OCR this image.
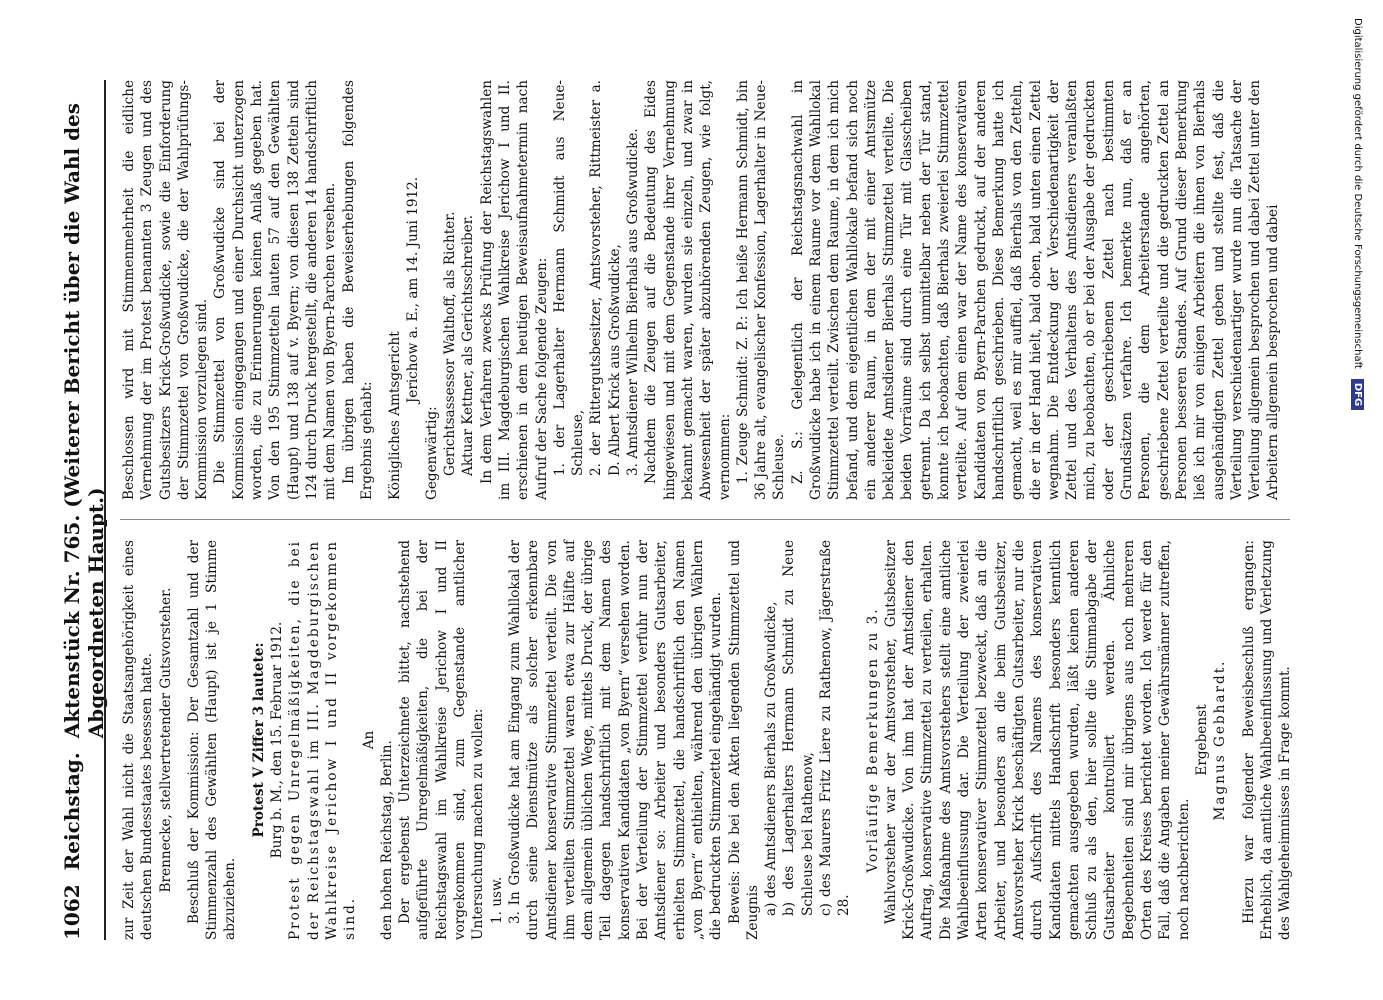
1062
Reichstag.
Aktenstück Nr. 765. (Weiterer Bericht über die Wahl des Abgeordneten Haupt.) zur Zeit der Wahl nicht die Staatsangehörigkeit eines deutschen Bundesstaates besessen hatte. Brennecke, stellvertretender Gutsvorsteher. Beschluß der Kommission: Der Gesamtzahl und der Stimmenzahl des Gewählten (Haupt) ist je 1 Stimme abzuziehen.

Protest V Ziffer 3 lautete: Burg b. M., den 15. Februar 1912. Protest gegen Unregelmäßigkeiten, die bei der Reichstagswahl im III. Magdeburgischen Wahlkreise Jerichow I und II vorgekommen sind.

An

den hohen Reichstag, Berlin. Der ergebenst Unterzeichnete bittet, nachstehend aufgeführte Unregelmäßigkeiten, die bei der Reichstagswahl im Wahlkreise Jerichow I und II vorgekommen sind, zum Gegenstande amtlicher Untersuchung machen zu wollen: 1. usw. 3. In Großwudicke hat am Eingang zum Wahllokal der durch seine Dienstmütze als solcher erkennbare Amtsdiener konservative Stimmzettel verteilt. Die von ihm verteilten Stimmzettel waren etwa zur Hälfte auf dem allgemein üblichen Wege, mittels Druck, der übrige Teil dagegen handschriftlich mit dem Namen des konservativen Kandidaten „von Byern“ versehen worden. Bei der Verteilung der Stimmzettel verfuhr nun der Amtsdiener so: Arbeiter und besonders Gutsarbeiter, erhielten Stimmzettel, die handschriftlich den Namen „von Byern“ enthielten, während den übrigen Wählern die bedruckten Stimmzettel eingehändigt wurden. Beweis: Die bei den Akten liegenden Stimmzettel und Zeugnis a) des Amtsdieners Bierhals zu Großwudicke, b) des Lagerhalters Hermann Schmidt zu Neue Schleuse bei Rathenow, c) des Maurers Fritz Liere zu Rathenow, Jägerstraße 28.

Vorläufige Bemerkungen zu 3. Wahlvorsteher war der Amtsvorsteher, Gutsbesitzer Krick-Großwudicke. Von ihm hat der Amtsdiener den Auftrag, konservative Stimmzettel zu verteilen, erhalten. Die Maßnahme des Amtsvorstehers stellt eine amtliche Wahlbeeinflussung dar. Die Verteilung der zweierlei Arten konservativer Stimmzettel bezweckt, daß an die Arbeiter, und besonders an die beim Gutsbesitzer, Amtsvorsteher Krick beschäftigten Gutsarbeiter, nur die durch Aufschrift des Namens des konservativen Kandidaten mittels Handschrift besonders kenntlich gemachten ausgegeben wurden, läßt keinen anderen Schluß zu als den, hier sollte die Stimmabgabe der Gutsarbeiter kontrolliert werden. Ähnliche Begebenheiten sind mir übrigens aus noch mehreren Orten des Kreises berichtet worden. Ich werde für den Fall, daß die Angaben meiner Gewährsmänner zutreffen, noch nachberichten.

Ergebenst Magnus Gebhardt. Hierzu war folgender Beweisbeschluß ergangen: Erheblich, da amtliche Wahlbeeinflussung und Verletzung des Wahlgeheimnisses in Frage kommt.

Beschlossen wird mit Stimmenmehrheit die eidliche Vernehmung der im Protest benannten 3 Zeugen und des Gutsbesitzers Krick-Großwudicke, sowie die Einforderung der Stimmzettel von Großwudicke, die der Wahlprüfungs-Kommission vorzulegen sind. Die Stimmzettel von Großwudicke sind bei der Kommission eingegangen und einer Durchsicht unterzogen worden, die zu Erinnerungen keinen Anlaß gegeben hat. Von den 195 Stimmzetteln lauten 57 auf den Gewählten (Haupt) und 138 auf v. Byern; von diesen 138 Zetteln sind 124 durch Druck hergestellt, die anderen 14 handschriftlich mit dem Namen von Byern-Parchen versehen. Im übrigen haben die Beweiserhebungen folgendes Ergebnis gehabt: Königliches Amtsgericht

Jerichow a. E., am 14. Juni 1912.

Gegenwärtig: Gerichtsassessor Walthoff, als Richter. Aktuar Kettner, als Gerichtsschreiber. In dem Verfahren zwecks Prüfung der Reichstagswahlen im III. Magdeburgischen Wahlkreise Jerichow I und II. erschienen in dem heutigen Beweisaufnahmetermin nach Aufruf der Sache folgende Zeugen: 1. der Lagerhalter Hermann Schmidt aus Neue-Schleuse, 2. der Rittergutsbesitzer, Amtsvorsteher, Rittmeister a. D. Albert Krick aus Großwudicke, 3. Amtsdiener Wilhelm Bierhals aus Großwudicke. Nachdem die Zeugen auf die Bedeutung des Eides hingewiesen und mit dem Gegenstande ihrer Vernehmung bekannt gemacht waren, wurden sie einzeln, und zwar in Abwesenheit der später abzuhörenden Zeugen, wie folgt, vernommen: 1. Zeuge Schmidt: Z. P.: Ich heiße Hermann Schmidt, bin 36 Jahre alt, evangelischer Konfession, Lagerhalter in Neue-Schleuse. Z. S.: Gelegentlich der Reichstagsnachwahl in Großwudicke habe ich in einem Raume vor dem Wahllokal Stimmzettel verteilt. Zwischen dem Raume, in dem ich mich befand, und dem eigentlichen Wahllokale befand sich noch ein anderer Raum, in dem der mit einer Amtsmütze bekleidete Amtsdiener Bierhals Stimmzettel verteilte. Die beiden Vorräume sind durch eine Tür mit Glasscheiben getrennt. Da ich selbst unmittelbar neben der Tür stand, konnte ich beobachten, daß Bierhals zweierlei Stimmzettel verteilte. Auf dem einen war der Name des konservativen Kandidaten von Byern-Parchen gedruckt, auf der anderen handschriftlich geschrieben. Diese Bemerkung hatte ich gemacht, weil es mir auffiel, daß Bierhals von den Zetteln, die er in der Hand hielt, bald oben, bald unten einen Zettel wegnahm. Die Entdeckung der Verschiedenartigkeit der Zettel und des Verhaltens des Amtsdieners veranlaßten mich, zu beobachten, ob er bei der Ausgabe der gedruckten oder der geschriebenen Zettel nach bestimmten Grundsätzen verfahre. Ich bemerkte nun, daß er an Personen, die dem Arbeiterstande angehörten, geschriebene Zettel verteilte und die gedruckten Zettel an Personen besseren Standes. Auf Grund dieser Bemerkung ließ ich mir von einigen Arbeitern die ihnen von Bierhals ausgehändigten Zettel geben und stellte fest, daß die Verteilung verschiedenartiger wurde nun die Tatsache der Verteilung allgemein besprochen und dabei Zettel unter den Arbeitern allgemein besprochen und dabei	Digitalisierung gefördert durch die Deutsche Forschungsgemeinschaft
DFG
